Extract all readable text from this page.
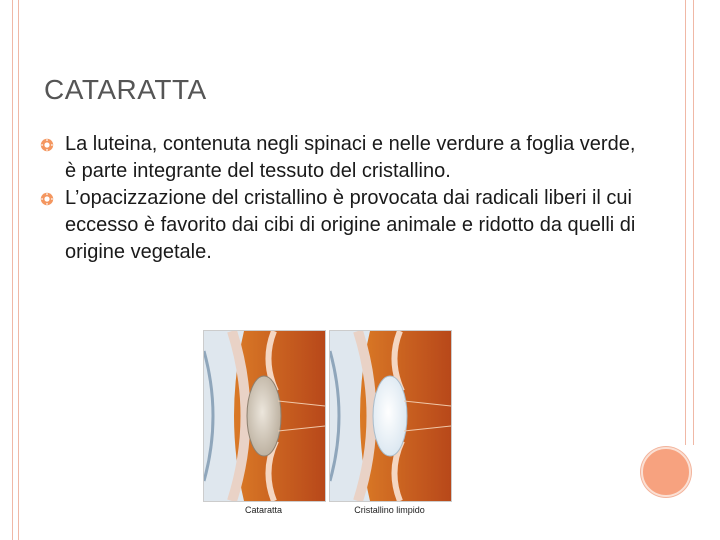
CATARATTA
La luteina, contenuta negli spinaci e nelle verdure a foglia verde, è parte integrante del tessuto del cristallino.
L’opacizzazione del cristallino è provocata dai radicali liberi il cui eccesso è favorito dai cibi di origine animale e ridotto da quelli di origine vegetale.
Cataratta	Cristallino limpido
